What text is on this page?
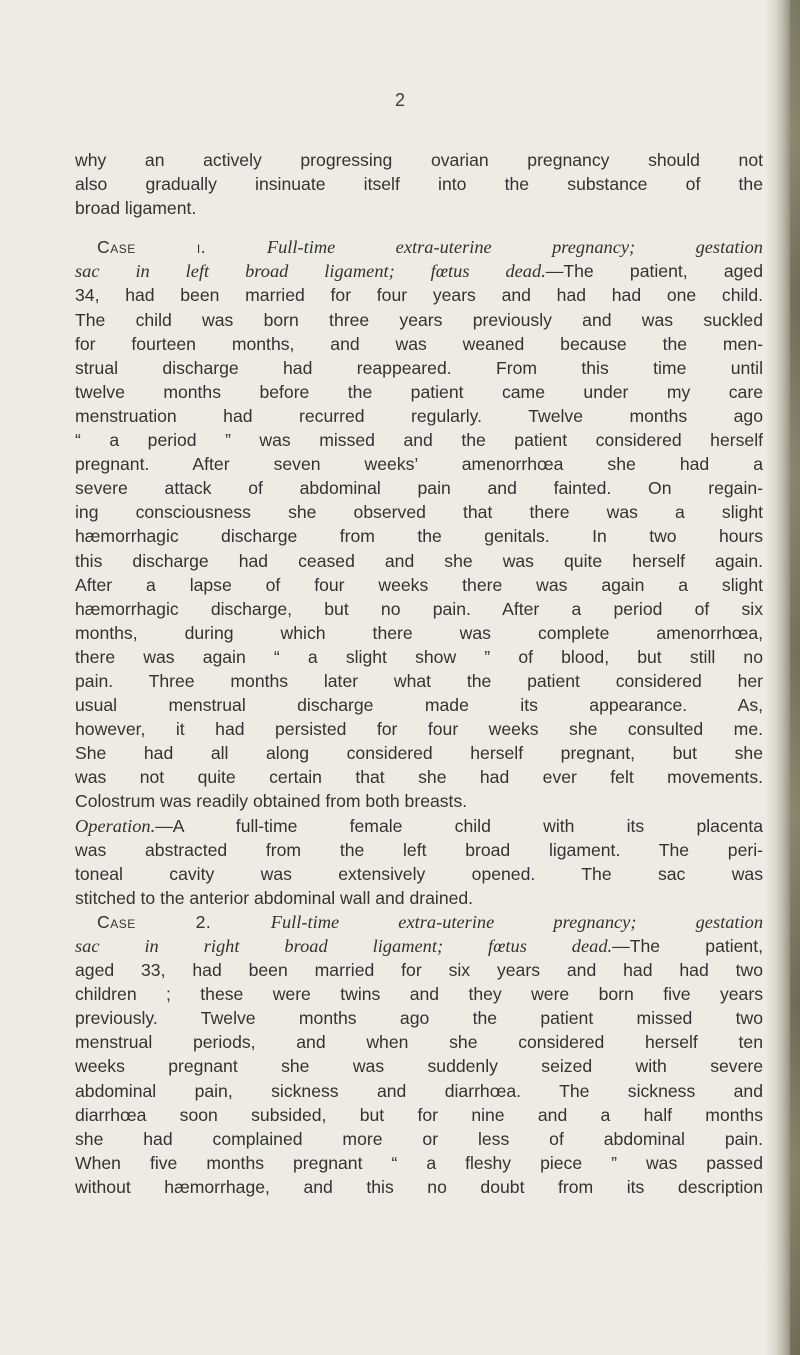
2
why an actively progressing ovarian pregnancy should not
also gradually insinuate itself into the substance of the
broad ligament.
Case i.	Full-time extra-uterine pregnancy; gestation
sac in left broad ligament; fœtus dead.—The patient, aged
34, had been married for four years and had had one child.
The child was born three years previously and was suckled
for fourteen months, and was weaned because the men-
strual discharge had reappeared. From this time until
twelve months before the patient came under my care
menstruation had recurred regularly. Twelve months ago
“ a period ” was missed and the patient considered herself
pregnant. After seven weeks’ amenorrhœa she had a
severe attack of abdominal pain and fainted. On regain-
ing consciousness she observed that there was a slight
hæmorrhagic discharge from the genitals. In two hours
this discharge had ceased and she was quite herself again.
After a lapse of four weeks there was again a slight
hæmorrhagic discharge, but no pain. After a period of six
months, during which there was complete amenorrhœa,
there was again “ a slight show ” of blood, but still no
pain. Three months later what the patient considered her
usual menstrual discharge made its appearance. As,
however, it had persisted for four weeks she consulted me.
She had all along considered herself pregnant, but she
was not quite certain that she had ever felt movements.
Colostrum was readily obtained from both breasts.
Operation.—A full-time female child with its placenta
was abstracted from the left broad ligament. The peri-
toneal cavity was extensively opened. The sac was
stitched to the anterior abdominal wall and drained.
Case 2.	Full-time extra-uterine pregnancy; gestation
sac in right broad ligament; fœtus dead.—The patient,
aged 33, had been married for six years and had had two
children ; these were twins and they were born five years
previously. Twelve months ago the patient missed two
menstrual periods, and when she considered herself ten
weeks pregnant she was suddenly seized with severe
abdominal pain, sickness and diarrhœa. The sickness and
diarrhœa soon subsided, but for nine and a half months
she had complained more or less of abdominal pain.
When five months pregnant “ a fleshy piece ” was passed
without hæmorrhage, and this no doubt from its description
